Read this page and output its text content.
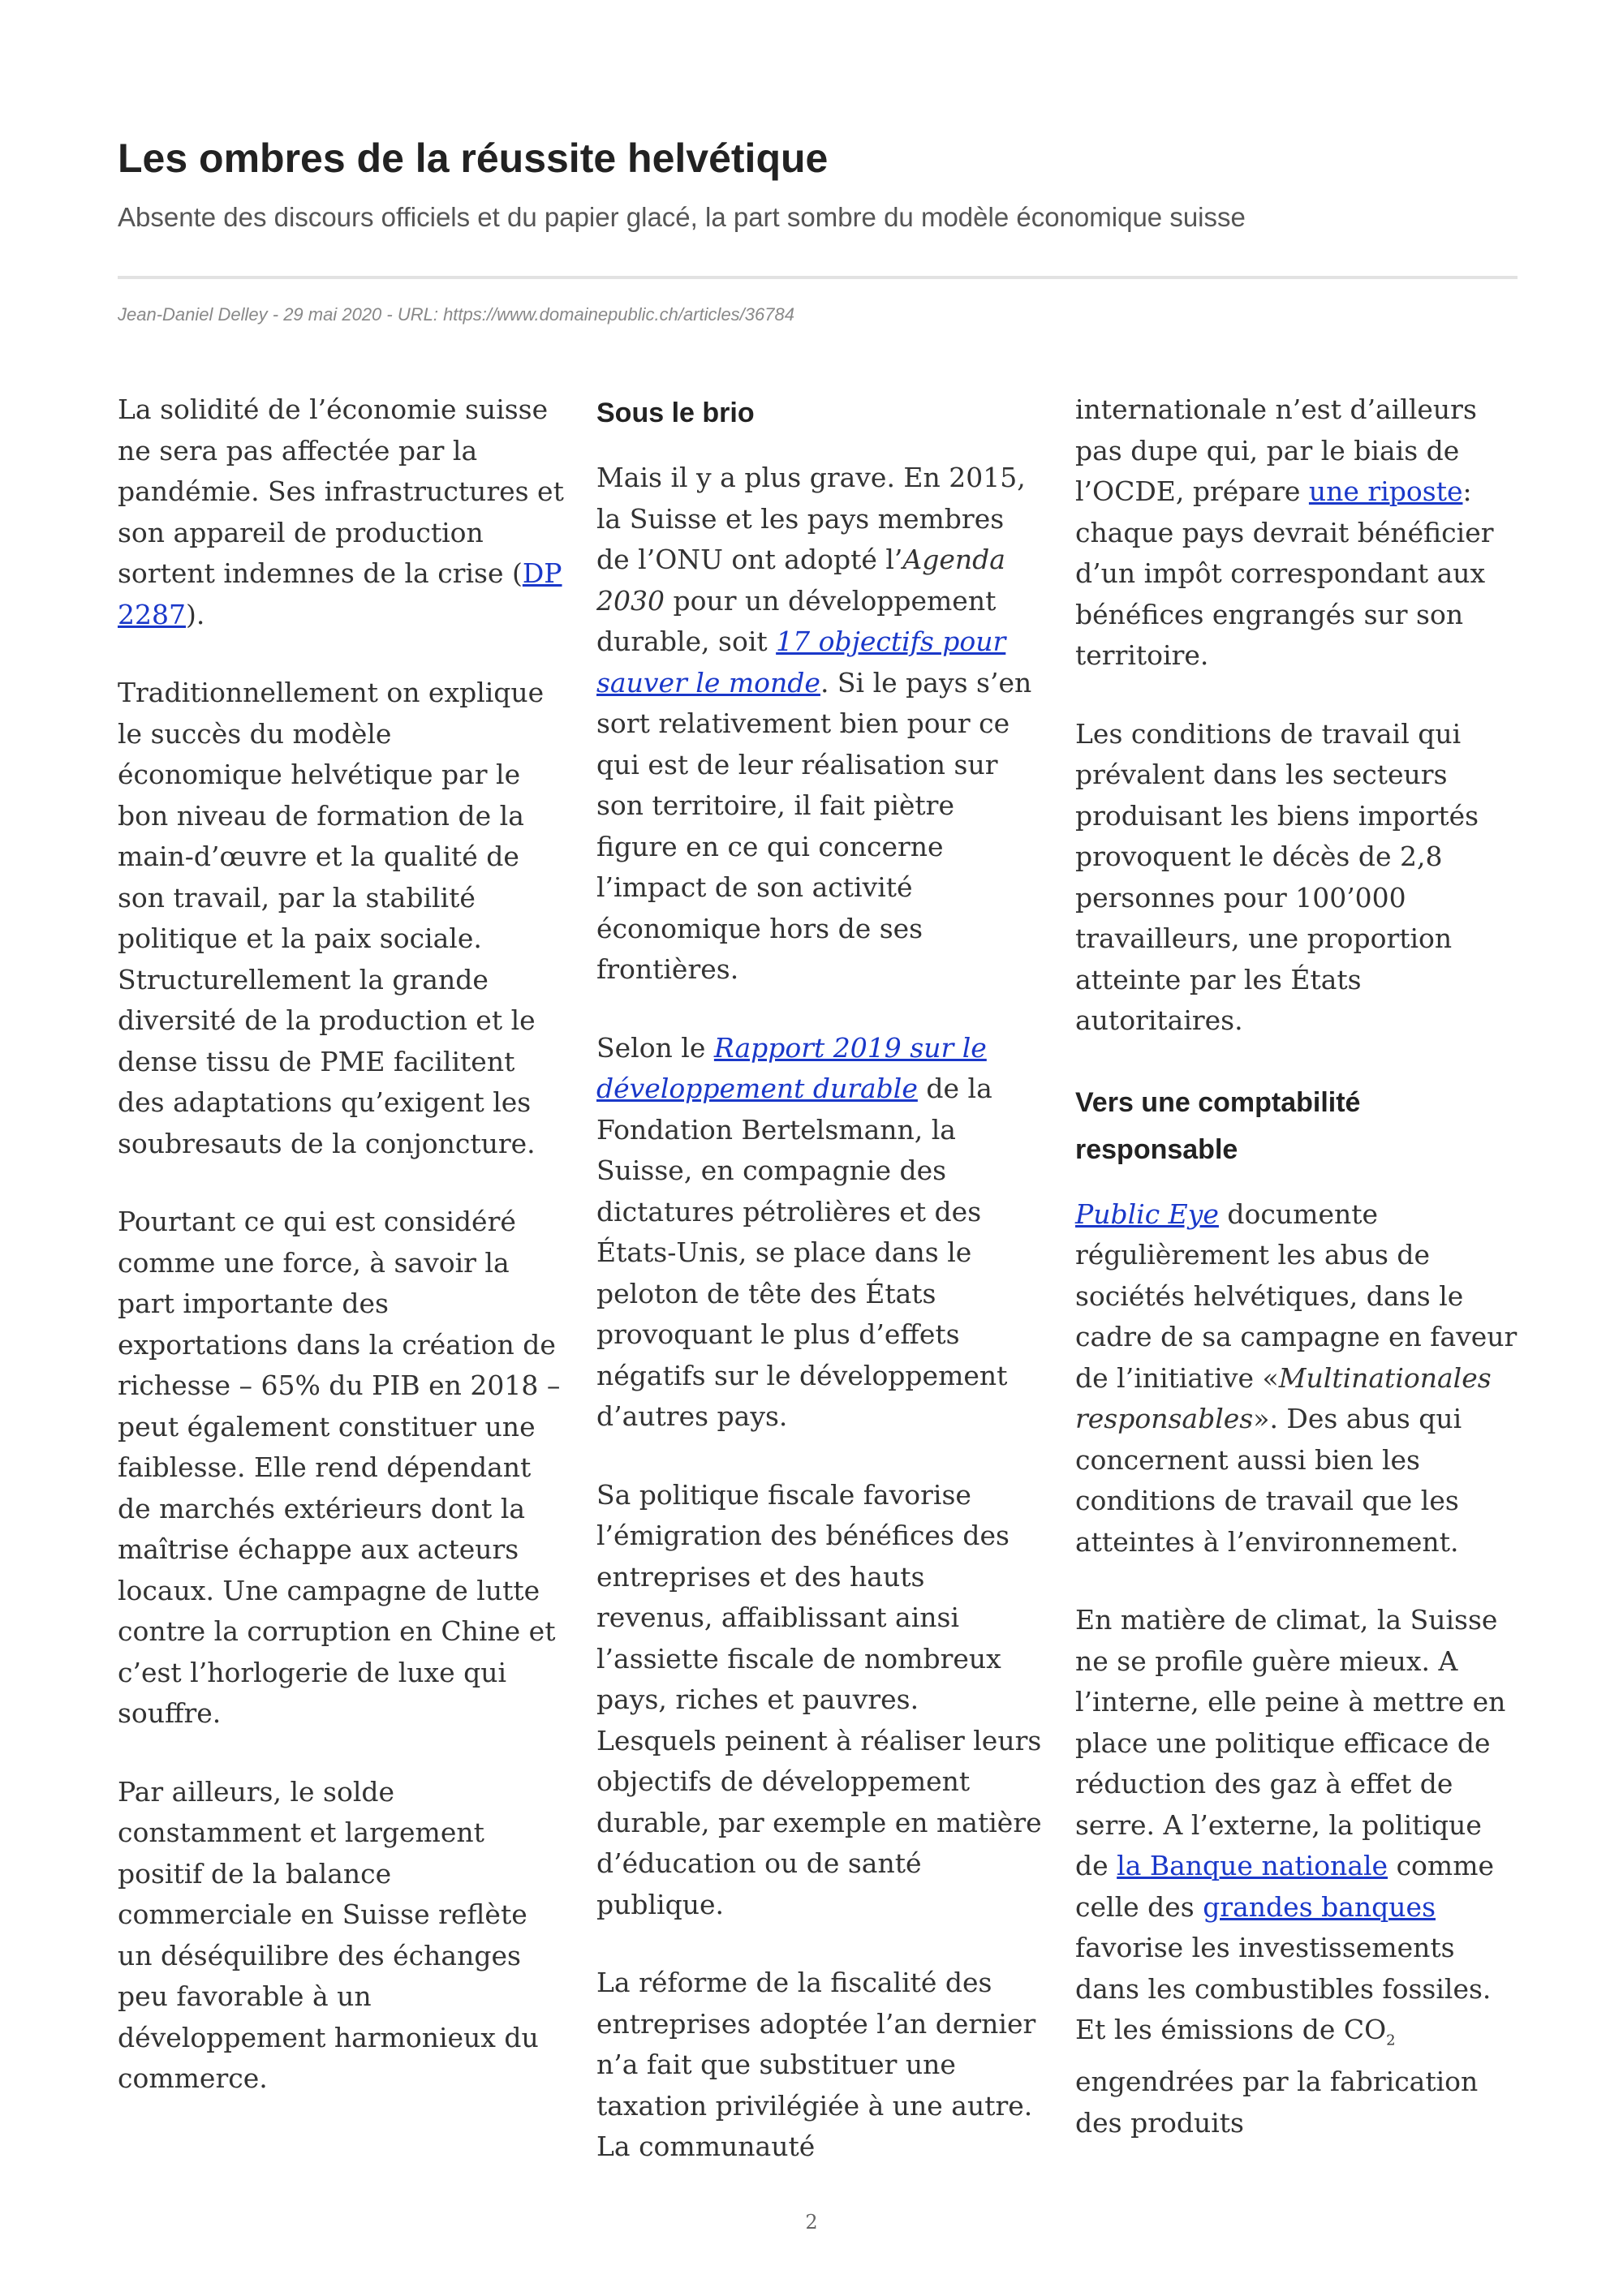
Les ombres de la réussite helvétique

Absente des discours officiels et du papier glacé, la part sombre du modèle économique suisse

Jean-Daniel Delley - 29 mai 2020 - URL: https://www.domainepublic.ch/articles/36784

La solidité de l’économie suisse ne sera pas affectée par la pandémie. Ses infrastructures et son appareil de production sortent indemnes de la crise (DP 2287).

Traditionnellement on explique le succès du modèle économique helvétique par le bon niveau de formation de la main-d’œuvre et la qualité de son travail, par la stabilité politique et la paix sociale. Structurellement la grande diversité de la production et le dense tissu de PME facilitent des adaptations qu’exigent les soubresauts de la conjoncture.

Pourtant ce qui est considéré comme une force, à savoir la part importante des exportations dans la création de richesse – 65% du PIB en 2018 – peut également constituer une faiblesse. Elle rend dépendant de marchés extérieurs dont la maîtrise échappe aux acteurs locaux. Une campagne de lutte contre la corruption en Chine et c’est l’horlogerie de luxe qui souffre.

Par ailleurs, le solde constamment et largement positif de la balance commerciale en Suisse reflète un déséquilibre des échanges peu favorable à un développement harmonieux du commerce.

Sous le brio

Mais il y a plus grave. En 2015, la Suisse et les pays membres de l’ONU ont adopté l’Agenda 2030 pour un développement durable, soit 17 objectifs pour sauver le monde. Si le pays s’en sort relativement bien pour ce qui est de leur réalisation sur son territoire, il fait piètre figure en ce qui concerne l’impact de son activité économique hors de ses frontières.

Selon le Rapport 2019 sur le développement durable de la Fondation Bertelsmann, la Suisse, en compagnie des dictatures pétrolières et des États-Unis, se place dans le peloton de tête des États provoquant le plus d’effets négatifs sur le développement d’autres pays.

Sa politique fiscale favorise l’émigration des bénéfices des entreprises et des hauts revenus, affaiblissant ainsi l’assiette fiscale de nombreux pays, riches et pauvres. Lesquels peinent à réaliser leurs objectifs de développement durable, par exemple en matière d’éducation ou de santé publique.

La réforme de la fiscalité des entreprises adoptée l’an dernier n’a fait que substituer une taxation privilégiée à une autre. La communauté

internationale n’est d’ailleurs pas dupe qui, par le biais de l’OCDE, prépare une riposte: chaque pays devrait bénéficier d’un impôt correspondant aux bénéfices engrangés sur son territoire.

Les conditions de travail qui prévalent dans les secteurs produisant les biens importés provoquent le décès de 2,8 personnes pour 100’000 travailleurs, une proportion atteinte par les États autoritaires.

Vers une comptabilité responsable

Public Eye documente régulièrement les abus de sociétés helvétiques, dans le cadre de sa campagne en faveur de l’initiative «Multinationales responsables». Des abus qui concernent aussi bien les conditions de travail que les atteintes à l’environnement.

En matière de climat, la Suisse ne se profile guère mieux. A l’interne, elle peine à mettre en place une politique efficace de réduction des gaz à effet de serre. A l’externe, la politique de la Banque nationale comme celle des grandes banques favorise les investissements dans les combustibles fossiles. Et les émissions de $CO_2$ engendrées par la fabrication des produits

2
